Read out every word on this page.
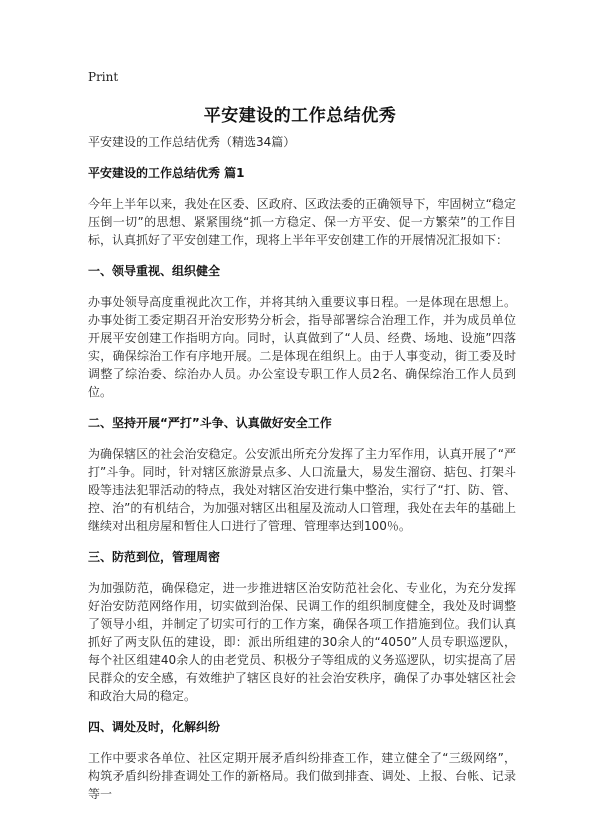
Print
平安建设的工作总结优秀

平安建设的工作总结优秀（精选34篇）

平安建设的工作总结优秀 篇1

今年上半年以来，我处在区委、区政府、区政法委的正确领导下，牢固树立“稳定压倒一切”的思想、紧紧围绕“抓一方稳定、保一方平安、促一方繁荣”的工作目标，认真抓好了平安创建工作，现将上半年平安创建工作的开展情况汇报如下：

一、领导重视、组织健全

办事处领导高度重视此次工作，并将其纳入重要议事日程。一是体现在思想上。办事处街工委定期召开治安形势分析会，指导部署综合治理工作，并为成员单位开展平安创建工作指明方向。同时，认真做到了“人员、经费、场地、设施”四落实，确保综治工作有序地开展。二是体现在组织上。由于人事变动，街工委及时调整了综治委、综治办人员。办公室设专职工作人员2名、确保综治工作人员到位。

二、坚持开展“严打”斗争、认真做好安全工作

为确保辖区的社会治安稳定。公安派出所充分发挥了主力军作用，认真开展了“严打”斗争。同时，针对辖区旅游景点多、人口流量大，易发生溜窃、掂包、打架斗殴等违法犯罪活动的特点，我处对辖区治安进行集中整治，实行了“打、防、管、控、治”的有机结合，为加强对辖区出租屋及流动人口管理，我处在去年的基础上继续对出租房屋和暂住人口进行了管理、管理率达到100％。

三、防范到位，管理周密

为加强防范，确保稳定，进一步推进辖区治安防范社会化、专业化，为充分发挥好治安防范网络作用，切实做到治保、民调工作的组织制度健全，我处及时调整了领导小组，并制定了切实可行的工作方案，确保各项工作措施到位。我们认真抓好了两支队伍的建设，即：派出所组建的30余人的“4050”人员专职巡逻队，每个社区组建40余人的由老党员、积极分子等组成的义务巡逻队，切实提高了居民群众的安全感，有效维护了辖区良好的社会治安秩序，确保了办事处辖区社会和政治大局的稳定。

四、调处及时，化解纠纷

工作中要求各单位、社区定期开展矛盾纠纷排查工作，建立健全了“三级网络”，构筑矛盾纠纷排查调处工作的新格局。我们做到排查、调处、上报、台帐、记录等一
